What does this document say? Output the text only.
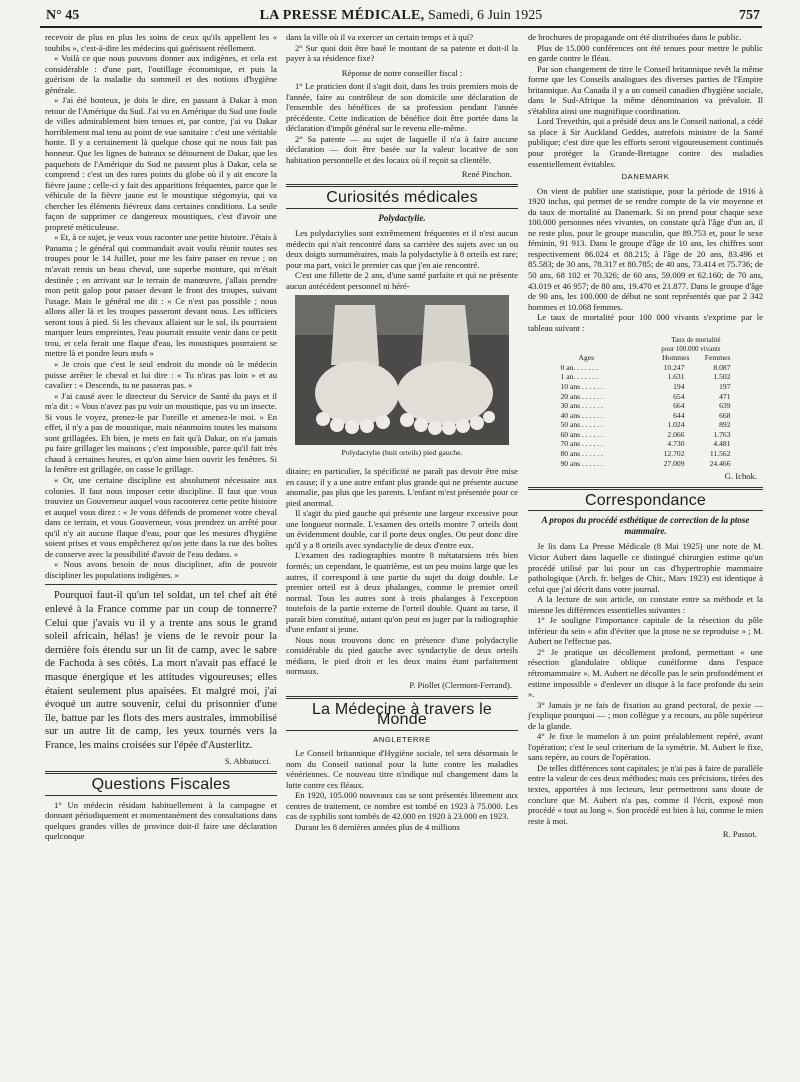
N° 45	LA PRESSE MÉDICALE, Samedi, 6 Juin 1925	757

recevoir de plus en plus les soins de ceux qu'ils appellent les « toubibs », c'est-à-dire les médecins qui guérissent réellement.

« Voilà ce que nous pouvons donner aux indigènes, et cela est considérable : d'une part, l'outillage économique, et puis la guérison de la maladie du sommeil et des notions d'hygiène générale.

« J'ai été honteux, je dois le dire, en passant à Dakar à mon retour de l'Amérique du Sud. J'ai vu en Amérique du Sud une foule de villes admirablement bien tenues et, par contre, j'ai vu Dakar horriblement mal tenu au point de vue sanitaire : c'est une véritable honte. Il y a certainement là quelque chose qui ne nous fait pas honneur. Que les lignes de bateaux se détournent de Dakar, que les paquebots de l'Amérique du Sud ne passent plus à Dakar, cela se comprend : c'est un des rares points du globe où il y ait encore la fièvre jaune ; celle-ci y fait des apparitions fréquentes, parce que le véhicule de la fièvre jaune est le moustique stégomyia, qui va chercher les éléments fiévreux dans certaines conditions. La seule façon de supprimer ce dangereux moustiques, c'est d'avoir une propreté méticuleuse.

« Et, à ce sujet, je veux vous raconter une petite histoire. J'étais à Panama ; le général qui commandait avait voulu réunir toutes ses troupes pour le 14 Juillet, pour me les faire passer en revue ; on m'avait remis un beau cheval, une superbe monture, qui m'était destinée ; en arrivant sur le terrain de manœuvre, j'allais prendre mon petit galop pour passer devant le front des troupes, suivant l'usage. Mais le général me dit : « Ce n'est pas possible ; nous allons aller là et les troupes passeront devant nous. Les officiers seront tous à pied. Si les chevaux allaient sur le sol, ils pourraient marquer leurs empreintes, l'eau pourrait ensuite venir dans ce petit trou, et cela ferait une flaque d'eau, les moustiques pourraient se mettre là et pondre leurs œufs »

« Je crois que c'est le seul endroit du monde où le médecin puisse arrêter le cheval et lui dire : « Tu n'iras pas loin » et au cavalier : « Descends, tu ne passeras pas. »

« J'ai causé avec le directeur du Service de Santé du pays et il m'a dit : « Vous n'avez pas pu voir un moustique, pas vu un insecte. Si vous le voyez, prenez-le par l'oreille et amenez-le moi. » En effet, il n'y a pas de moustique, mais néanmoins toutes les maisons sont grillagées. Eh bien, je mets en fait qu'à Dakar, on n'a jamais pu faire grillager les maisons ; c'est impossible, parce qu'il fait très chaud à certaines heures, et qu'on aime bien ouvrir les fenêtres. Si la fenêtre est grillagée, on casse le grillage.

« Or, une certaine discipline est absolument nécessaire aux colonies. Il faut nous imposer cette discipline. Il faut que vous trouviez un Gouverneur auquel vous raconterez cette petite histoire et auquel vous direz : « Je vous défends de promener votre cheval dans ce terrain, et vous Gouverneur, vous prendrez un arrêté pour qu'il n'y ait aucune flaque d'eau, pour que les mesures d'hygiène soient prises et vous empêcherez qu'on jette dans la rue des boîtes de conserve avec la possibilité d'avoir de l'eau dedans. »

« Nous avons besoin de nous discipliner, afin de pouvoir discipliner les populations indigènes. »

Pourquoi faut-il qu'un tel soldat, un tel chef ait été enlevé à la France comme par un coup de tonnerre? Celui que j'avais vu il y a trente ans sous le grand soleil africain, hélas! je viens de le revoir pour la dernière fois étendu sur un lit de camp, avec le sabre de Fachoda à ses côtés. La mort n'avait pas effacé le masque énergique et les attitudes vigoureuses; elles étaient seulement plus apaisées. Et malgré moi, j'ai évoqué un autre souvenir, celui du prisonnier d'une île, battue par les flots des mers australes, immobilisé sur un autre lit de camp, les yeux tournés vers la France, les mains croisées sur l'épée d'Austerlitz.

S. Abbatucci.
Questions Fiscales

1° Un médecin résidant habituellement à la campagne et donnant périodiquement et momentanément des consultations dans quelques grandes villes de province doit-il faire une déclaration quelconque

dans la ville où il va exercer un certain temps et à qui?

2° Sur quoi doit être basé le montant de sa patente et doit-il la payer à sa résidence fixe?

Réponse de notre conseiller fiscal :

1° Le praticien dont il s'agit doit, dans les trois premiers mois de l'année, faire au contrôleur de son domicile une déclaration de l'ensemble des bénéfices de sa profession pendant l'année précédente. Cette indication de bénéfice doit être portée dans la déclaration d'impôt général sur le revenu elle-même.

2° Sa patente — au sujet de laquelle il n'a à faire aucune déclaration — doit être basée sur la valeur locative de son habitation personnelle et des locaux où il reçoit sa clientèle.

René Pinchon.
Curiosités médicales
Polydactylie.

Les polydactylies sont extrêmement fréquentes et il n'est aucun médecin qui n'ait rencontré dans sa carrière des sujets avec un ou deux doigts surnuméraires, mais la polydactylie à 8 orteils est rare; pour ma part, voici le premier cas que j'en aie rencontré.

C'est une fillette de 2 ans, d'une santé parfaite et qui ne présente aucun antécédent personnel ni héré-

Polydactylie (huit orteils) pied gauche.

ditaire; en particulier, la spécificité ne paraît pas devoir être mise en cause; il y a une autre enfant plus grande qui ne présente aucune anomalie, pas plus que les parents. L'enfant m'est présentée pour ce pied anormal.

Il s'agit du pied gauche qui présente une largeur excessive pour une longueur normale. L'examen des orteils montre 7 orteils dont un évidemment double, car il porte deux ongles. On peut donc dire qu'il y a 8 orteils avec syndactylie de deux d'entre eux.

L'examen des radiographies montre 8 métatarsiens très bien formés; un cependant, le quatrième, est un peu moins large que les autres, il correspond à une partie du sujet du doigt double. Le premier orteil est à deux phalanges, comme le premier orteil normal. Tous les autres sont à trois phalanges à l'exception toutefois de la partie externe de l'orteil double. Quant au tarse, il paraît bien constitué, autant qu'on peut en juger par la radiographie d'une enfant si jeune.

Nous nous trouvons donc en présence d'une polydactylie considérable du pied gauche avec syndactylie de deux orteils médians, le pied droit et les deux mains étant parfaitement normaux.

P. Piollet (Clermont-Ferrand).
La Médecine à travers le Monde
ANGLETERRE

Le Conseil britannique d'Hygiène sociale, tel sera désormais le nom du Conseil national pour la lutte contre les maladies vénériennes. Ce nouveau titre n'indique nul changement dans la lutte contre ces fléaux.

En 1920, 105.000 nouveaux cas se sont présentés librement aux centres de traitement, ce nombre est tombé en 1923 à 75.000. Les cas de syphilis sont tombés de 42.000 en 1920 à 23.000 en 1923.

Durant les 8 dernières années plus de 4 millions

de brochures de propagande ont été distribuées dans le public.

Plus de 15.000 conférences ont été tenues pour mettre le public en garde contre le fléau.

Par son changement de titre le Conseil britannique revêt la même forme que les Conseils analogues des diverses parties de l'Empire britannique. Au Canada il y a un conseil canadien d'hygiène sociale, dans le Sud-Afrique la même dénomination va prévaloir. Il s'établira ainsi une magnifique coordination.

Lord Trevethin, qui a présidé deux ans le Conseil national, a cédé sa place à Sir Auckland Geddes, autrefois ministre de la Santé publique; c'est dire que les efforts seront vigoureusement continués pour protéger la Grande-Bretagne contre des maladies essentiellement évitables.

DANEMARK

On vient de publier une statistique, pour la période de 1916 à 1920 inclus, qui permet de se rendre compte de la vie moyenne et du taux de mortalité au Danemark. Si on prend pour chaque sexe 100.000 personnes nées vivantes, on constate qu'à l'âge d'un an, il ne reste plus, pour le groupe masculin, que 89.753 et, pour le sexe féminin, 91 913. Dans le groupe d'âge de 10 ans, les chiffres sont respectivement 86.024 et 88.215; à l'âge de 20 ans, 83.496 et 85.583; de 30 ans, 78.317 et 80.785; de 40 ans, 73.414 et 75.736; de 50 ans, 68 102 et 70.326; de 60 ans, 59.009 et 62.160; de 70 ans, 43.019 et 46 957; de 80 ans, 19.470 et 21.877. Dans le groupe d'âge de 90 ans, les 100.000 de début ne sont représentés que par 2 342 hommes et 10.068 femmes.

Le taux de mortalité pour 100 000 vivants s'exprime par le tableau suivant :

Taux de mortalité
pour 100.000 vivants
Ages	Hommes	Femmes
0 an. . . . . . .	10.247	8.087
1 an. . . . . . .	1.631	1.502
10 ans . . . . . .	194	197
20 ans . . . . . .	654	471
30 ans . . . . . .	664	639
40 ans . . . . . .	644	668
50 ans . . . . . .	1.024	892
60 ans . . . . . .	2.066	1.763
70 ans . . . . . .	4.730	4.481
80 ans . . . . . .	12.702	11.562
90 ans . . . . . .	27.009	24.466
G. Ichok.
Correspondance
A propos du procédé esthétique de correction de la ptose mammaire.

Je lis dans La Presse Médicale (8 Mai 1925) une note de M. Victor Aubert dans laquelle ce distingué chirurgien estime qu'un procédé utilisé par lui pour un cas d'hypertrophie mammaire pathologique (Arch. fr. belges de Chir., Mars 1923) est identique à celui que j'ai décrit dans votre journal.

A la lecture de son article, on constate entre sa méthode et la mienne les différences essentielles suivantes :

1° Je souligne l'importance capitale de la résection du pôle inférieur du sein « afin d'éviter que la ptose ne se reproduise » ; M. Aubert ne l'effectue pas.

2° Je pratique un décollement profond, permettant « une résection glandulaire oblique cunéiforme dans l'espace rétromammaire ». M. Aubert ne décolle pas le sein profondément et estime impossible « d'enlever un disque à la face profonde du sein ».

3° Jamais je ne fais de fixation au grand pectoral, de pexie — j'explique pourquoi — ; mon collègue y a recours, au pôle supérieur de la glande.

4° Je fixe le mamelon à un point préalablement repéré, avant l'opération; c'est le seul criterium de la symétrie. M. Aubert le fixe, sans repère, au cours de l'opération.

De telles différences sont capitales; je n'ai pas à faire de parallèle entre la valeur de ces deux méthodes; mais ces précisions, tirées des textes, apportées à nos lecteurs, leur permettront sans doute de conclure que M. Aubert n'a pas, comme il l'écrit, exposé mon procédé « tout au long ». Son procédé est bien à lui, comme le mien reste à moi.

R. Passot.
